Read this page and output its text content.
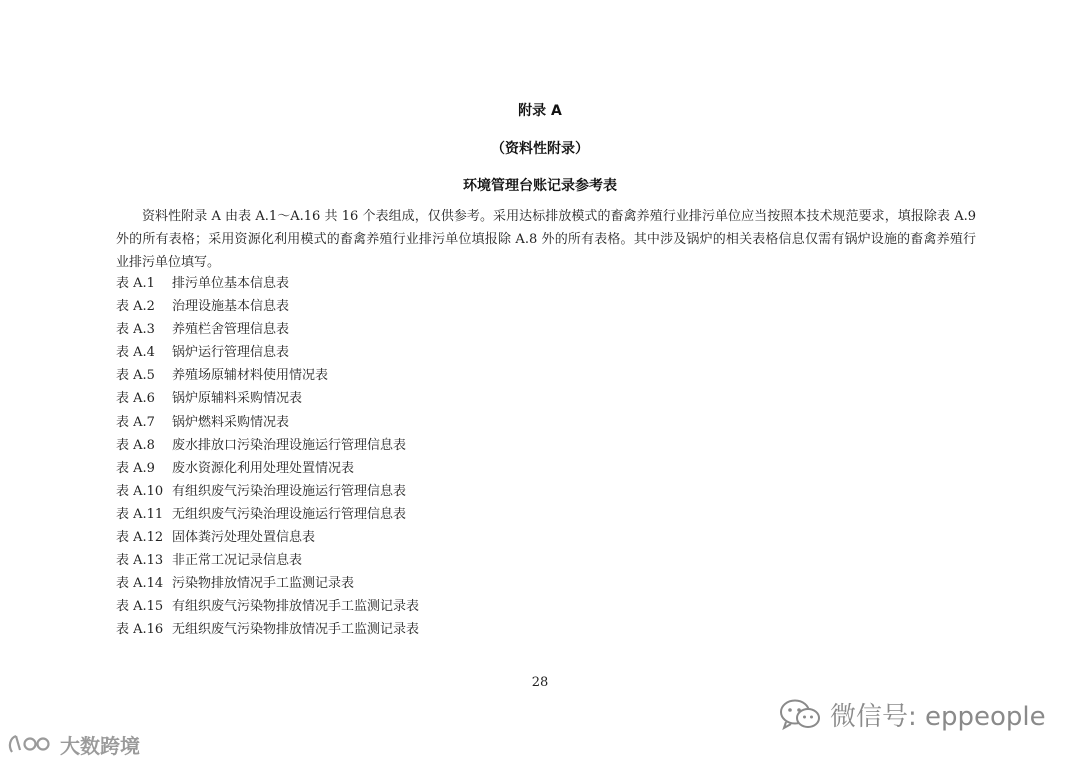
附录 A
（资料性附录）
环境管理台账记录参考表

资料性附录 A 由表 A.1～A.16 共 16 个表组成，仅供参考。采用达标排放模式的畜禽养殖行业排污单位应当按照本技术规范要求，填报除表 A.9 外的所有表格；采用资源化利用模式的畜禽养殖行业排污单位填报除 A.8 外的所有表格。其中涉及锅炉的相关表格信息仅需有锅炉设施的畜禽养殖行业排污单位填写。

表 A.1 排污单位基本信息表
表 A.2 治理设施基本信息表
表 A.3 养殖栏舍管理信息表
表 A.4 锅炉运行管理信息表
表 A.5 养殖场原辅材料使用情况表
表 A.6 锅炉原辅料采购情况表
表 A.7 锅炉燃料采购情况表
表 A.8 废水排放口污染治理设施运行管理信息表
表 A.9 废水资源化利用处理处置情况表
表 A.10 有组织废气污染治理设施运行管理信息表
表 A.11 无组织废气污染治理设施运行管理信息表
表 A.12 固体粪污处理处置信息表
表 A.13 非正常工况记录信息表
表 A.14 污染物排放情况手工监测记录表
表 A.15 有组织废气污染物排放情况手工监测记录表
表 A.16 无组织废气污染物排放情况手工监测记录表
28
微信号: eppeople
大数跨境
